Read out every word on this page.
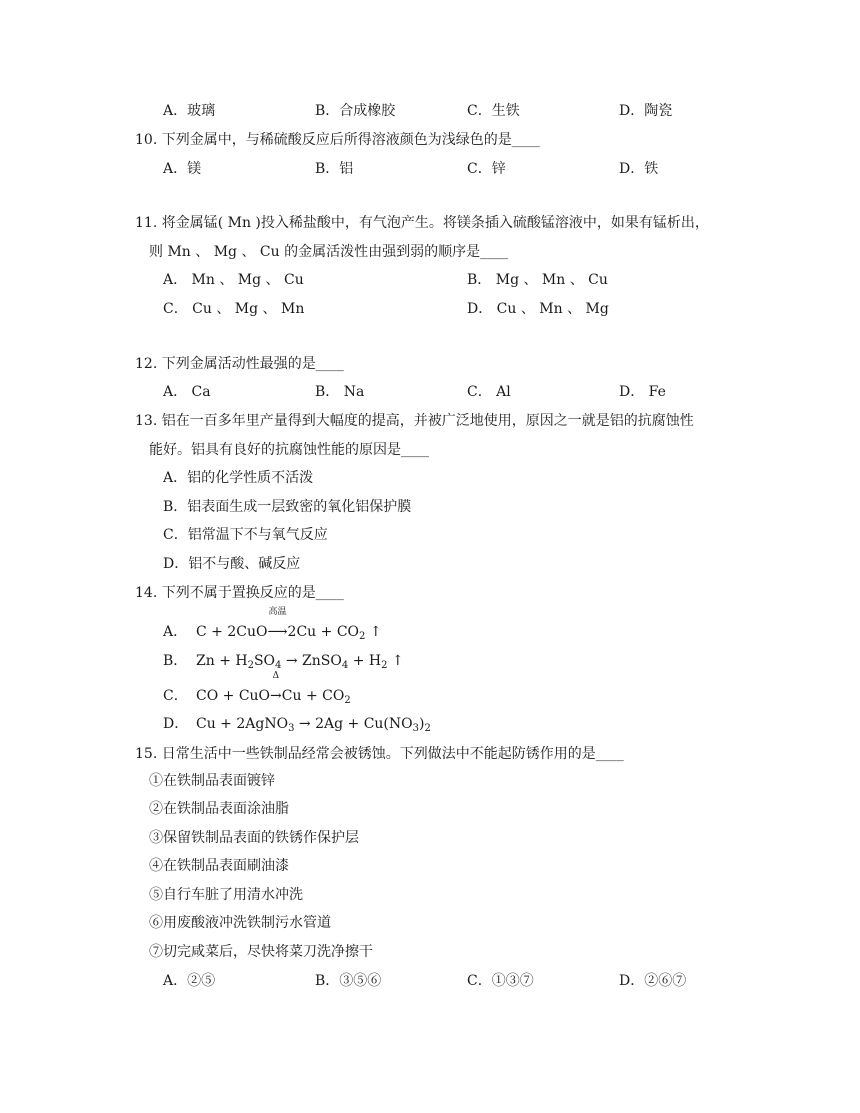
A．玻璃	B．合成橡胶	C．生铁	D．陶瓷
10. 下列金属中，与稀硫酸反应后所得溶液颜色为浅绿色的是____
A．镁	B．铝	C．锌	D．铁
11. 将金属锰( Mn )投入稀盐酸中，有气泡产生。将镁条插入硫酸锰溶液中，如果有锰析出，
则 Mn 、 Mg 、 Cu 的金属活泼性由强到弱的顺序是____
A． Mn 、 Mg 、 Cu	B． Mg 、 Mn 、 Cu
C． Cu 、 Mg 、 Mn	D． Cu 、 Mn 、 Mg
12. 下列金属活动性最强的是____
A． Ca	B． Na	C． Al	D． Fe
13. 铝在一百多年里产量得到大幅度的提高，并被广泛地使用，原因之一就是铝的抗腐蚀性
能好。铝具有良好的抗腐蚀性能的原因是____
A．铝的化学性质不活泼
B．铝表面生成一层致密的氧化铝保护膜
C．铝常温下不与氧气反应
D．铝不与酸、碱反应
14. 下列不属于置换反应的是____
A． C + 2CuO
高温
⟶2Cu + $CO_2$ ↑
B． $Zn + H_2SO_4$ → ZnSO$_4$ + $H_2$ ↑
C． CO + CuO
Δ
$\to Cu + CO_2$
D． Cu + 2AgNO$_3$ → $2Ag + Cu(NO_3)_2$
15. 日常生活中一些铁制品经常会被锈蚀。下列做法中不能起防锈作用的是____
①在铁制品表面镀锌
②在铁制品表面涂油脂
③保留铁制品表面的铁锈作保护层
④在铁制品表面刷油漆
⑤自行车脏了用清水冲洗
⑥用废酸液冲洗铁制污水管道
⑦切完咸菜后，尽快将菜刀洗净擦干
A．②⑤	B．③⑤⑥	C．①③⑦	D．②⑥⑦
